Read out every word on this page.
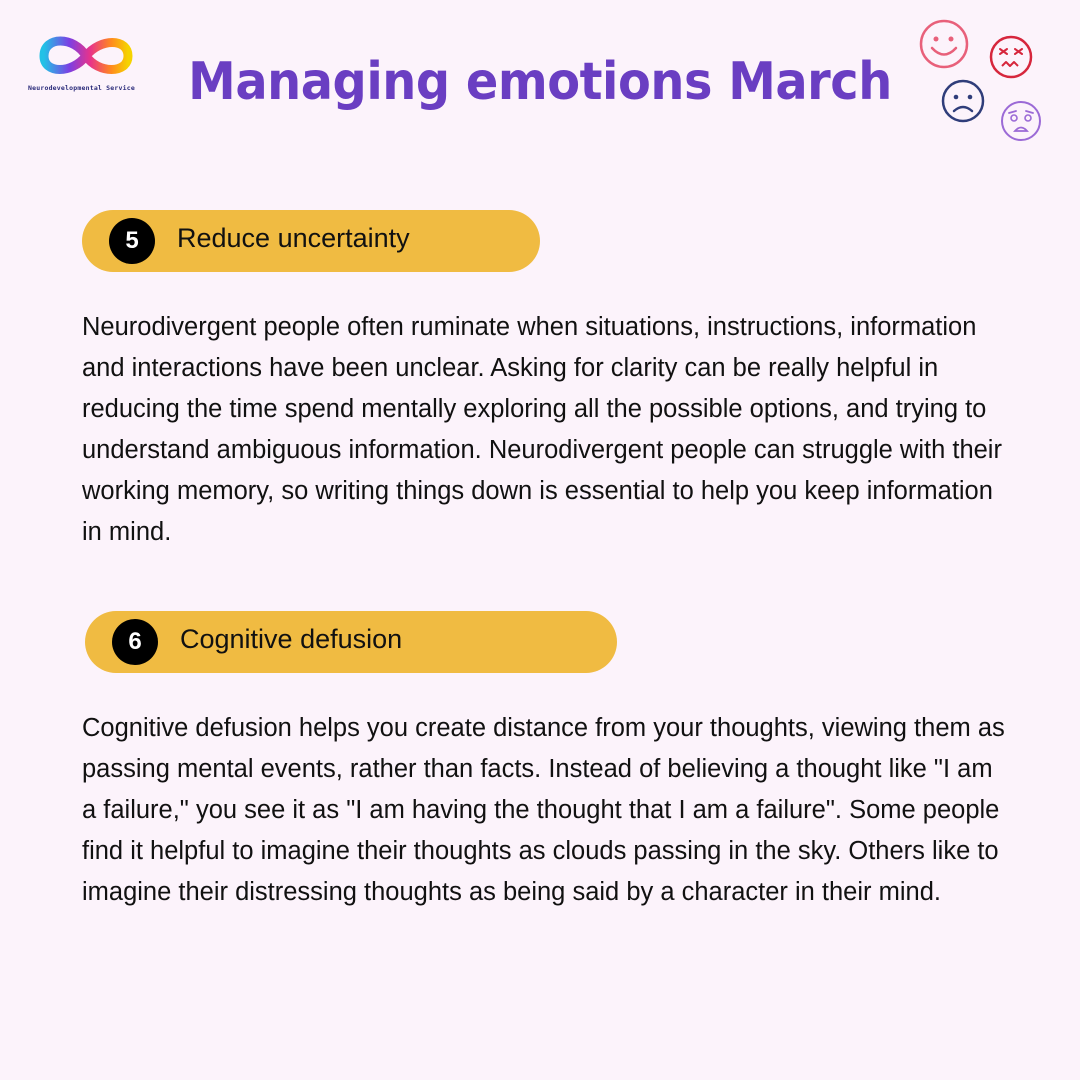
Neurodevelopmental Service	Managing emotions March
5	Reduce uncertainty
Neurodivergent people often ruminate when situations, instructions, information and interactions have been unclear. Asking for clarity can be really helpful in reducing the time spend mentally exploring all the possible options, and trying to understand ambiguous information. Neurodivergent people can struggle with their working memory, so writing things down is essential to help you keep information in mind.
6	Cognitive defusion
Cognitive defusion helps you create distance from your thoughts, viewing them as passing mental events, rather than facts. Instead of believing a thought like "I am a failure," you see it as "I am having the thought that I am a failure". Some people find it helpful to imagine their thoughts as clouds passing in the sky. Others like to imagine their distressing thoughts as being said by a character in their mind.
